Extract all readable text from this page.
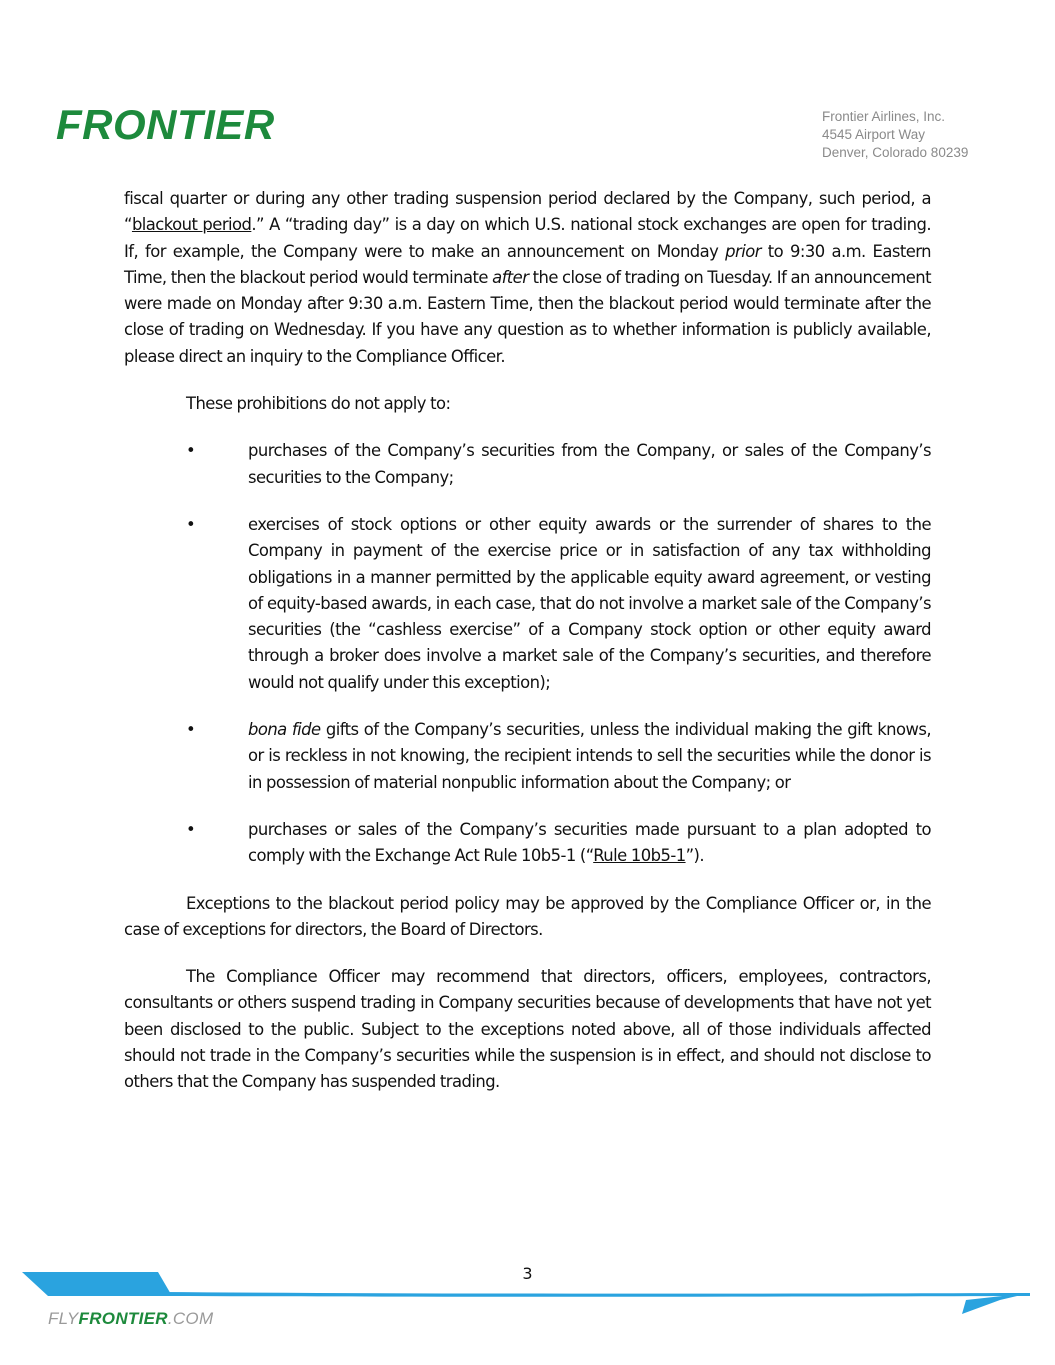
FRONTIER	Frontier Airlines, Inc.
4545 Airport Way
Denver, Colorado 80239

fiscal quarter or during any other trading suspension period declared by the Company, such period, a “blackout period.” A “trading day” is a day on which U.S. national stock exchanges are open for trading. If, for example, the Company were to make an announcement on Monday prior to 9:30 a.m. Eastern Time, then the blackout period would terminate after the close of trading on Tuesday. If an announcement were made on Monday after 9:30 a.m. Eastern Time, then the blackout period would terminate after the close of trading on Wednesday. If you have any question as to whether information is publicly available, please direct an inquiry to the Compliance Officer.

These prohibitions do not apply to:

•	purchases of the Company’s securities from the Company, or sales of the Company’s securities to the Company;
•	exercises of stock options or other equity awards or the surrender of shares to the Company in payment of the exercise price or in satisfaction of any tax withholding obligations in a manner permitted by the applicable equity award agreement, or vesting of equity-based awards, in each case, that do not involve a market sale of the Company’s securities (the “cashless exercise” of a Company stock option or other equity award through a broker does involve a market sale of the Company’s securities, and therefore would not qualify under this exception);
•	bona fide gifts of the Company’s securities, unless the individual making the gift knows, or is reckless in not knowing, the recipient intends to sell the securities while the donor is in possession of material nonpublic information about the Company; or
•	purchases or sales of the Company’s securities made pursuant to a plan adopted to comply with the Exchange Act Rule 10b5-1 (“Rule 10b5-1”).

Exceptions to the blackout period policy may be approved by the Compliance Officer or, in the case of exceptions for directors, the Board of Directors.

The Compliance Officer may recommend that directors, officers, employees, contractors, consultants or others suspend trading in Company securities because of developments that have not yet been disclosed to the public. Subject to the exceptions noted above, all of those individuals affected should not trade in the Company’s securities while the suspension is in effect, and should not disclose to others that the Company has suspended trading.

3
FLYFRONTIER.COM
